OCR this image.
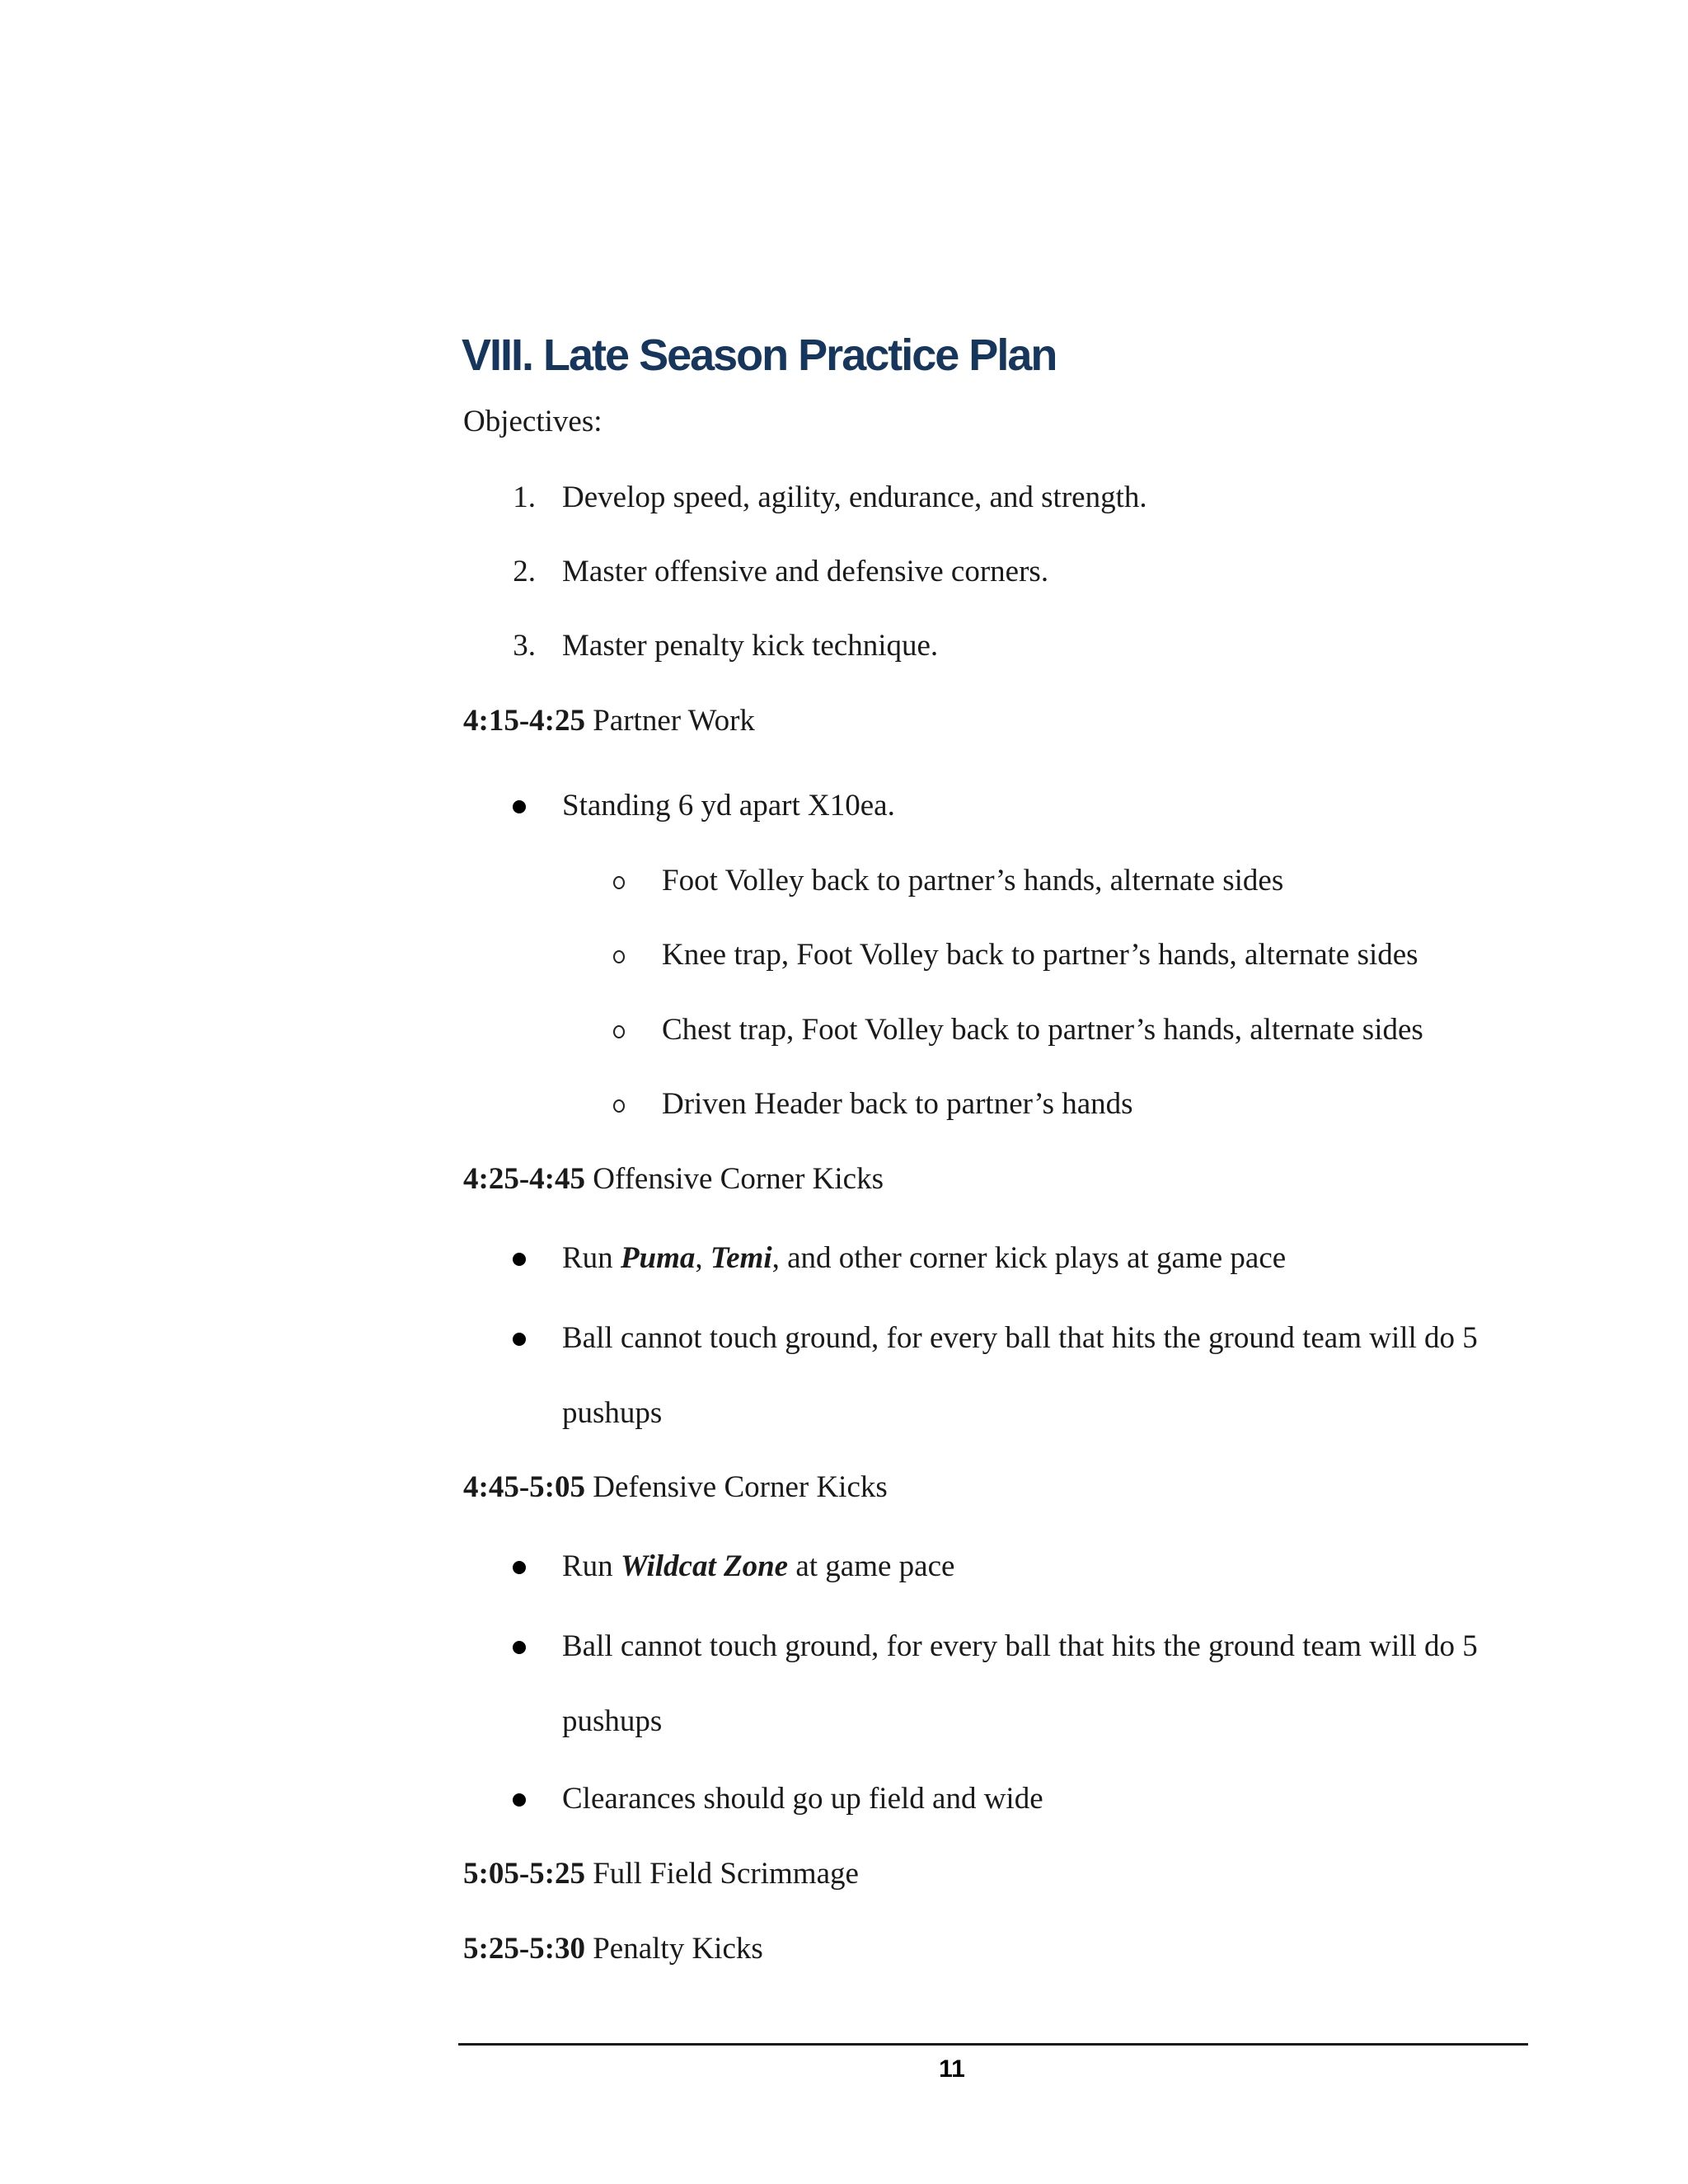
VIII. Late Season Practice Plan
Objectives:
1. Develop speed, agility, endurance, and strength.
2. Master offensive and defensive corners.
3. Master penalty kick technique.
4:15-4:25 Partner Work
Standing 6 yd apart X10ea.
Foot Volley back to partner’s hands, alternate sides
Knee trap, Foot Volley back to partner’s hands, alternate sides
Chest trap, Foot Volley back to partner’s hands, alternate sides
Driven Header back to partner’s hands
4:25-4:45 Offensive Corner Kicks
Run Puma, Temi, and other corner kick plays at game pace
Ball cannot touch ground, for every ball that hits the ground team will do 5
pushups
4:45-5:05 Defensive Corner Kicks
Run Wildcat Zone at game pace
Ball cannot touch ground, for every ball that hits the ground team will do 5
pushups
Clearances should go up field and wide
5:05-5:25 Full Field Scrimmage
5:25-5:30 Penalty Kicks
11
